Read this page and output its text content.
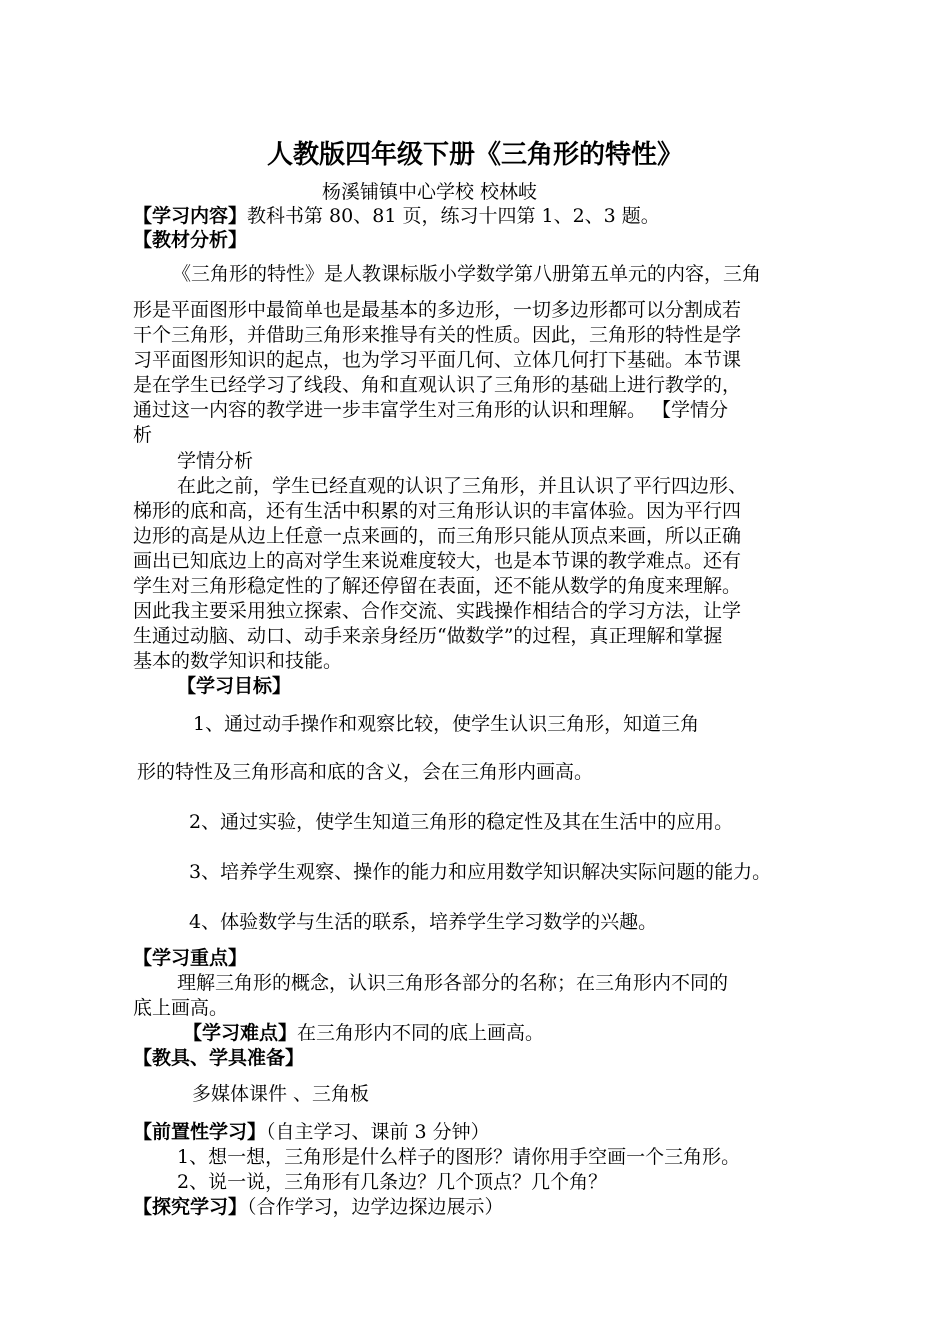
人教版四年级下册《三角形的特性》
杨溪铺镇中心学校 校林岐
【学习内容】教科书第 80、81 页，练习十四第 1、2、3 题。
【教材分析】
《三角形的特性》是人教课标版小学数学第八册第五单元的内容，三角
形是平面图形中最简单也是最基本的多边形，一切多边形都可以分割成若
干个三角形，并借助三角形来推导有关的性质。因此，三角形的特性是学
习平面图形知识的起点，也为学习平面几何、立体几何打下基础。本节课
是在学生已经学习了线段、角和直观认识了三角形的基础上进行教学的，
通过这一内容的教学进一步丰富学生对三角形的认识和理解。 【学情分
析
学情分析
在此之前，学生已经直观的认识了三角形，并且认识了平行四边形、
梯形的底和高，还有生活中积累的对三角形认识的丰富体验。因为平行四
边形的高是从边上任意一点来画的，而三角形只能从顶点来画，所以正确
画出已知底边上的高对学生来说难度较大，也是本节课的教学难点。还有
学生对三角形稳定性的了解还停留在表面，还不能从数学的角度来理解。
因此我主要采用独立探索、合作交流、实践操作相结合的学习方法，让学
生通过动脑、动口、动手来亲身经历“做数学”的过程，真正理解和掌握
基本的数学知识和技能。
【学习目标】
1、通过动手操作和观察比较，使学生认识三角形，知道三角
形的特性及三角形高和底的含义，会在三角形内画高。
2、通过实验，使学生知道三角形的稳定性及其在生活中的应用。
3、培养学生观察、操作的能力和应用数学知识解决实际问题的能力。
4、体验数学与生活的联系，培养学生学习数学的兴趣。
【学习重点】
理解三角形的概念，认识三角形各部分的名称；在三角形内不同的
底上画高。
【学习难点】在三角形内不同的底上画高。
【教具、学具准备】
多媒体课件 、三角板
【前置性学习】（自主学习、课前 3 分钟）
1、想一想，三角形是什么样子的图形？请你用手空画一个三角形。
2、说一说，三角形有几条边？几个顶点？几个角？
【探究学习】（合作学习，边学边探边展示）
